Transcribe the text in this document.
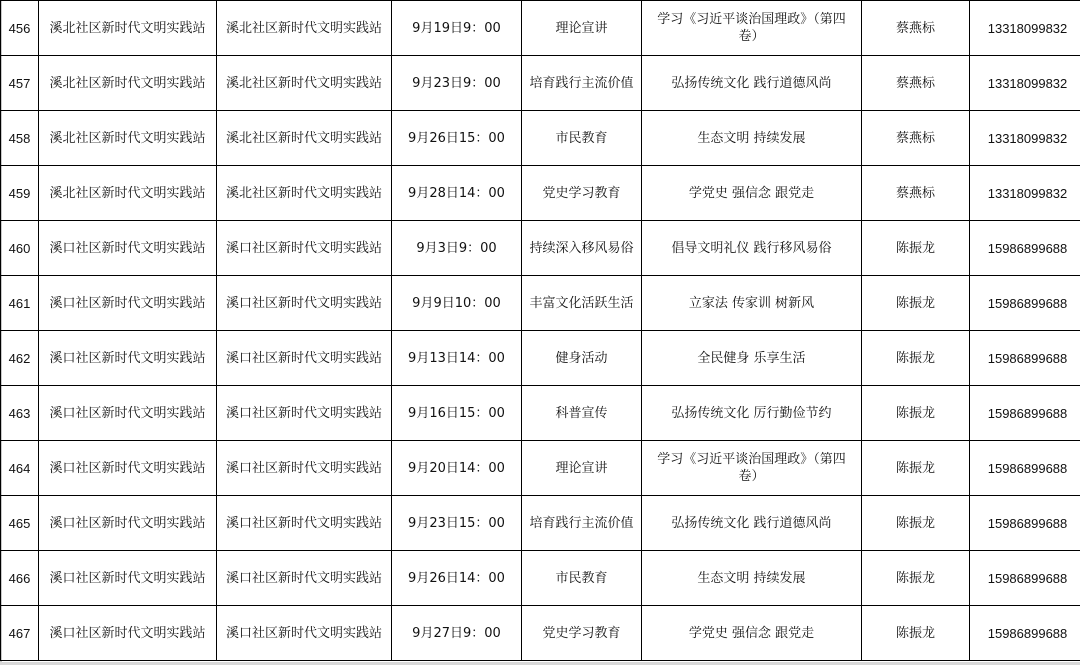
456	溪北社区新时代文明实践站	溪北社区新时代文明实践站	9月19日9：00	理论宣讲	学习《习近平谈治国理政》（第四卷）	蔡燕标	13318099832
457	溪北社区新时代文明实践站	溪北社区新时代文明实践站	9月23日9：00	培育践行主流价值	弘扬传统文化 践行道德风尚	蔡燕标	13318099832
458	溪北社区新时代文明实践站	溪北社区新时代文明实践站	9月26日15：00	市民教育	生态文明 持续发展	蔡燕标	13318099832
459	溪北社区新时代文明实践站	溪北社区新时代文明实践站	9月28日14：00	党史学习教育	学党史 强信念 跟党走	蔡燕标	13318099832
460	溪口社区新时代文明实践站	溪口社区新时代文明实践站	9月3日9：00	持续深入移风易俗	倡导文明礼仪 践行移风易俗	陈振龙	15986899688
461	溪口社区新时代文明实践站	溪口社区新时代文明实践站	9月9日10：00	丰富文化活跃生活	立家法 传家训 树新风	陈振龙	15986899688
462	溪口社区新时代文明实践站	溪口社区新时代文明实践站	9月13日14：00	健身活动	全民健身 乐享生活	陈振龙	15986899688
463	溪口社区新时代文明实践站	溪口社区新时代文明实践站	9月16日15：00	科普宣传	弘扬传统文化 厉行勤俭节约	陈振龙	15986899688
464	溪口社区新时代文明实践站	溪口社区新时代文明实践站	9月20日14：00	理论宣讲	学习《习近平谈治国理政》（第四卷）	陈振龙	15986899688
465	溪口社区新时代文明实践站	溪口社区新时代文明实践站	9月23日15：00	培育践行主流价值	弘扬传统文化 践行道德风尚	陈振龙	15986899688
466	溪口社区新时代文明实践站	溪口社区新时代文明实践站	9月26日14：00	市民教育	生态文明 持续发展	陈振龙	15986899688
467	溪口社区新时代文明实践站	溪口社区新时代文明实践站	9月27日9：00	党史学习教育	学党史 强信念 跟党走	陈振龙	15986899688
